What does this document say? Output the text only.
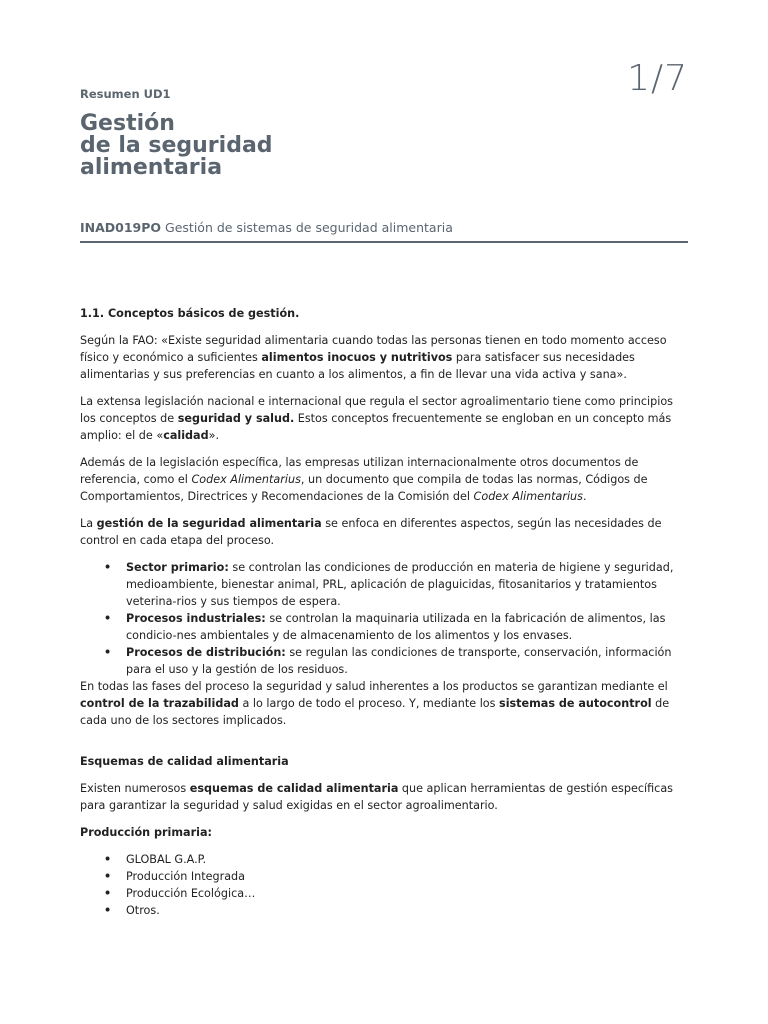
Resumen UD1	1/7
Gestión
de la seguridad
alimentaria
INAD019PO Gestión de sistemas de seguridad alimentaria
1.1. Conceptos básicos de gestión.

Según la FAO: «Existe seguridad alimentaria cuando todas las personas tienen en todo momento acceso físico y económico a suficientes alimentos inocuos y nutritivos para satisfacer sus necesidades alimentarias y sus preferencias en cuanto a los alimentos, a fin de llevar una vida activa y sana».

La extensa legislación nacional e internacional que regula el sector agroalimentario tiene como principios los conceptos de seguridad y salud. Estos conceptos frecuentemente se engloban en un concepto más amplio: el de «calidad».

Además de la legislación específica, las empresas utilizan internacionalmente otros documentos de referencia, como el Codex Alimentarius, un documento que compila de todas las normas, Códigos de Comportamientos, Directrices y Recomendaciones de la Comisión del Codex Alimentarius.

La gestión de la seguridad alimentaria se enfoca en diferentes aspectos, según las necesidades de control en cada etapa del proceso.

• Sector primario: se controlan las condiciones de producción en materia de higiene y seguridad, medioambiente, bienestar animal, PRL, aplicación de plaguicidas, fitosanitarios y tratamientos veterina-rios y sus tiempos de espera.
• Procesos industriales: se controlan la maquinaria utilizada en la fabricación de alimentos, las condicio-nes ambientales y de almacenamiento de los alimentos y los envases.
• Procesos de distribución: se regulan las condiciones de transporte, conservación, información para el uso y la gestión de los residuos.

En todas las fases del proceso la seguridad y salud inherentes a los productos se garantizan mediante el control de la trazabilidad a lo largo de todo el proceso. Y, mediante los sistemas de autocontrol de cada uno de los sectores implicados.

Esquemas de calidad alimentaria

Existen numerosos esquemas de calidad alimentaria que aplican herramientas de gestión específicas para garantizar la seguridad y salud exigidas en el sector agroalimentario.

Producción primaria:
• GLOBAL G.A.P.
• Producción Integrada
• Producción Ecológica…
• Otros.
